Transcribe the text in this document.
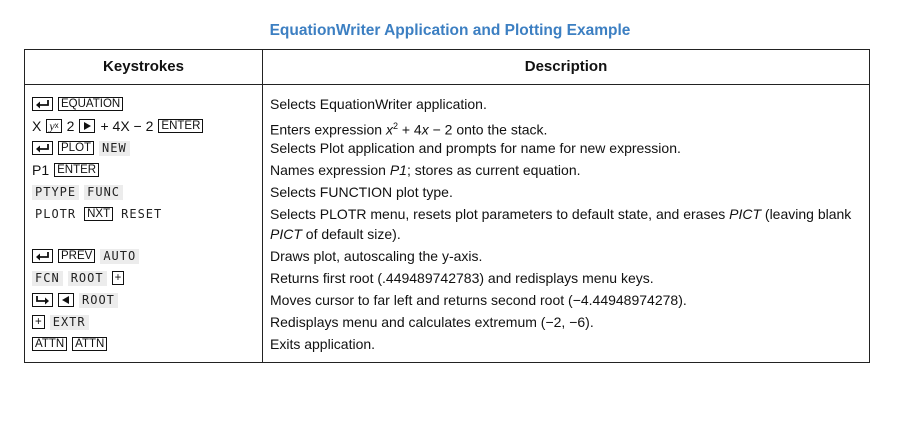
EquationWriter Application and Plotting Example
Keystrokes	Description
EQUATION	Selects EquationWriter application.
X y x 2 + 4X − 2 ENTER	Enters expression $x^2 + 4x - 2$ onto the stack.
PLOT NEW	Selects Plot application and prompts for name for new expression.
P1 ENTER	Names expression P1; stores as current equation.
PTYPE FUNC	Selects FUNCTION plot type.
PLOTR NXT RESET	Selects PLOTR menu, resets plot parameters to default state, and erases PICT (leaving blank PICT of default size).
PREV AUTO	Draws plot, autoscaling the y-axis.
FCN ROOT +	Returns first root (.449489742783) and redisplays menu keys.
ROOT	Moves cursor to far left and returns second root (−4.44948974278).
+ EXTR	Redisplays menu and calculates extremum (−2, −6).
ATTN ATTN	Exits application.
